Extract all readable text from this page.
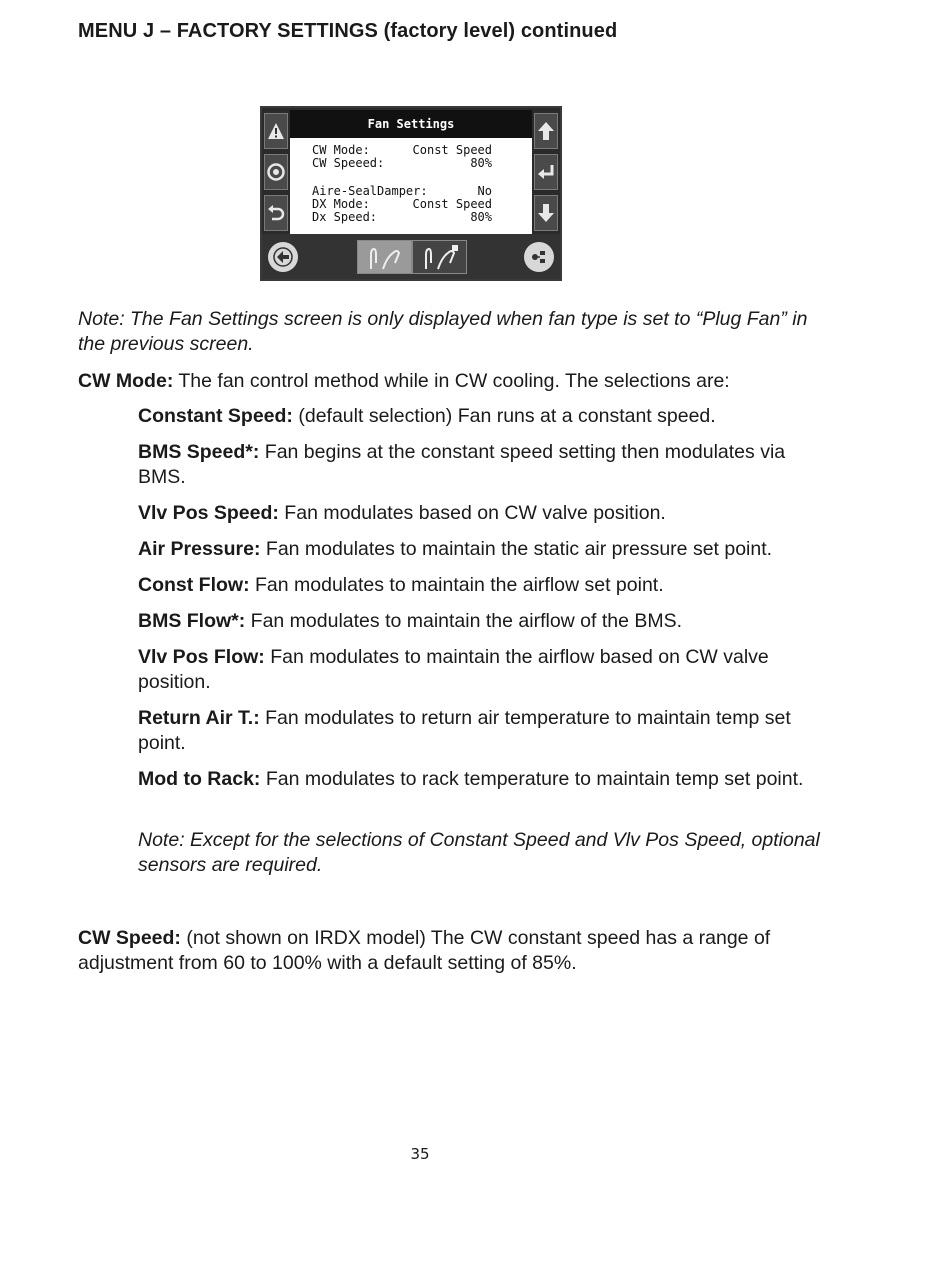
MENU J – FACTORY SETTINGS (factory level) continued
Fan Settings
CW Mode:	Const Speed
CW Speeed:	80%
Aire-SealDamper:	No
DX Mode:	Const Speed
Dx Speed:	80%

Note: The Fan Settings screen is only displayed when fan type is set to “Plug Fan” in the previous screen.

CW Mode: The fan control method while in CW cooling. The selections are:

Constant Speed: (default selection) Fan runs at a constant speed.

BMS Speed*: Fan begins at the constant speed setting then modulates via BMS.

Vlv Pos Speed: Fan modulates based on CW valve position.

Air Pressure: Fan modulates to maintain the static air pressure set point.

Const Flow: Fan modulates to maintain the airflow set point.

BMS Flow*: Fan modulates to maintain the airflow of the BMS.

Vlv Pos Flow: Fan modulates to maintain the airflow based on CW valve position.

Return Air T.: Fan modulates to return air temperature to maintain temp set point.

Mod to Rack: Fan modulates to rack temperature to maintain temp set point.

Note: Except for the selections of Constant Speed and Vlv Pos Speed, optional sensors are required.

CW Speed: (not shown on IRDX model) The CW constant speed has a range of adjustment from 60 to 100% with a default setting of 85%.

35
